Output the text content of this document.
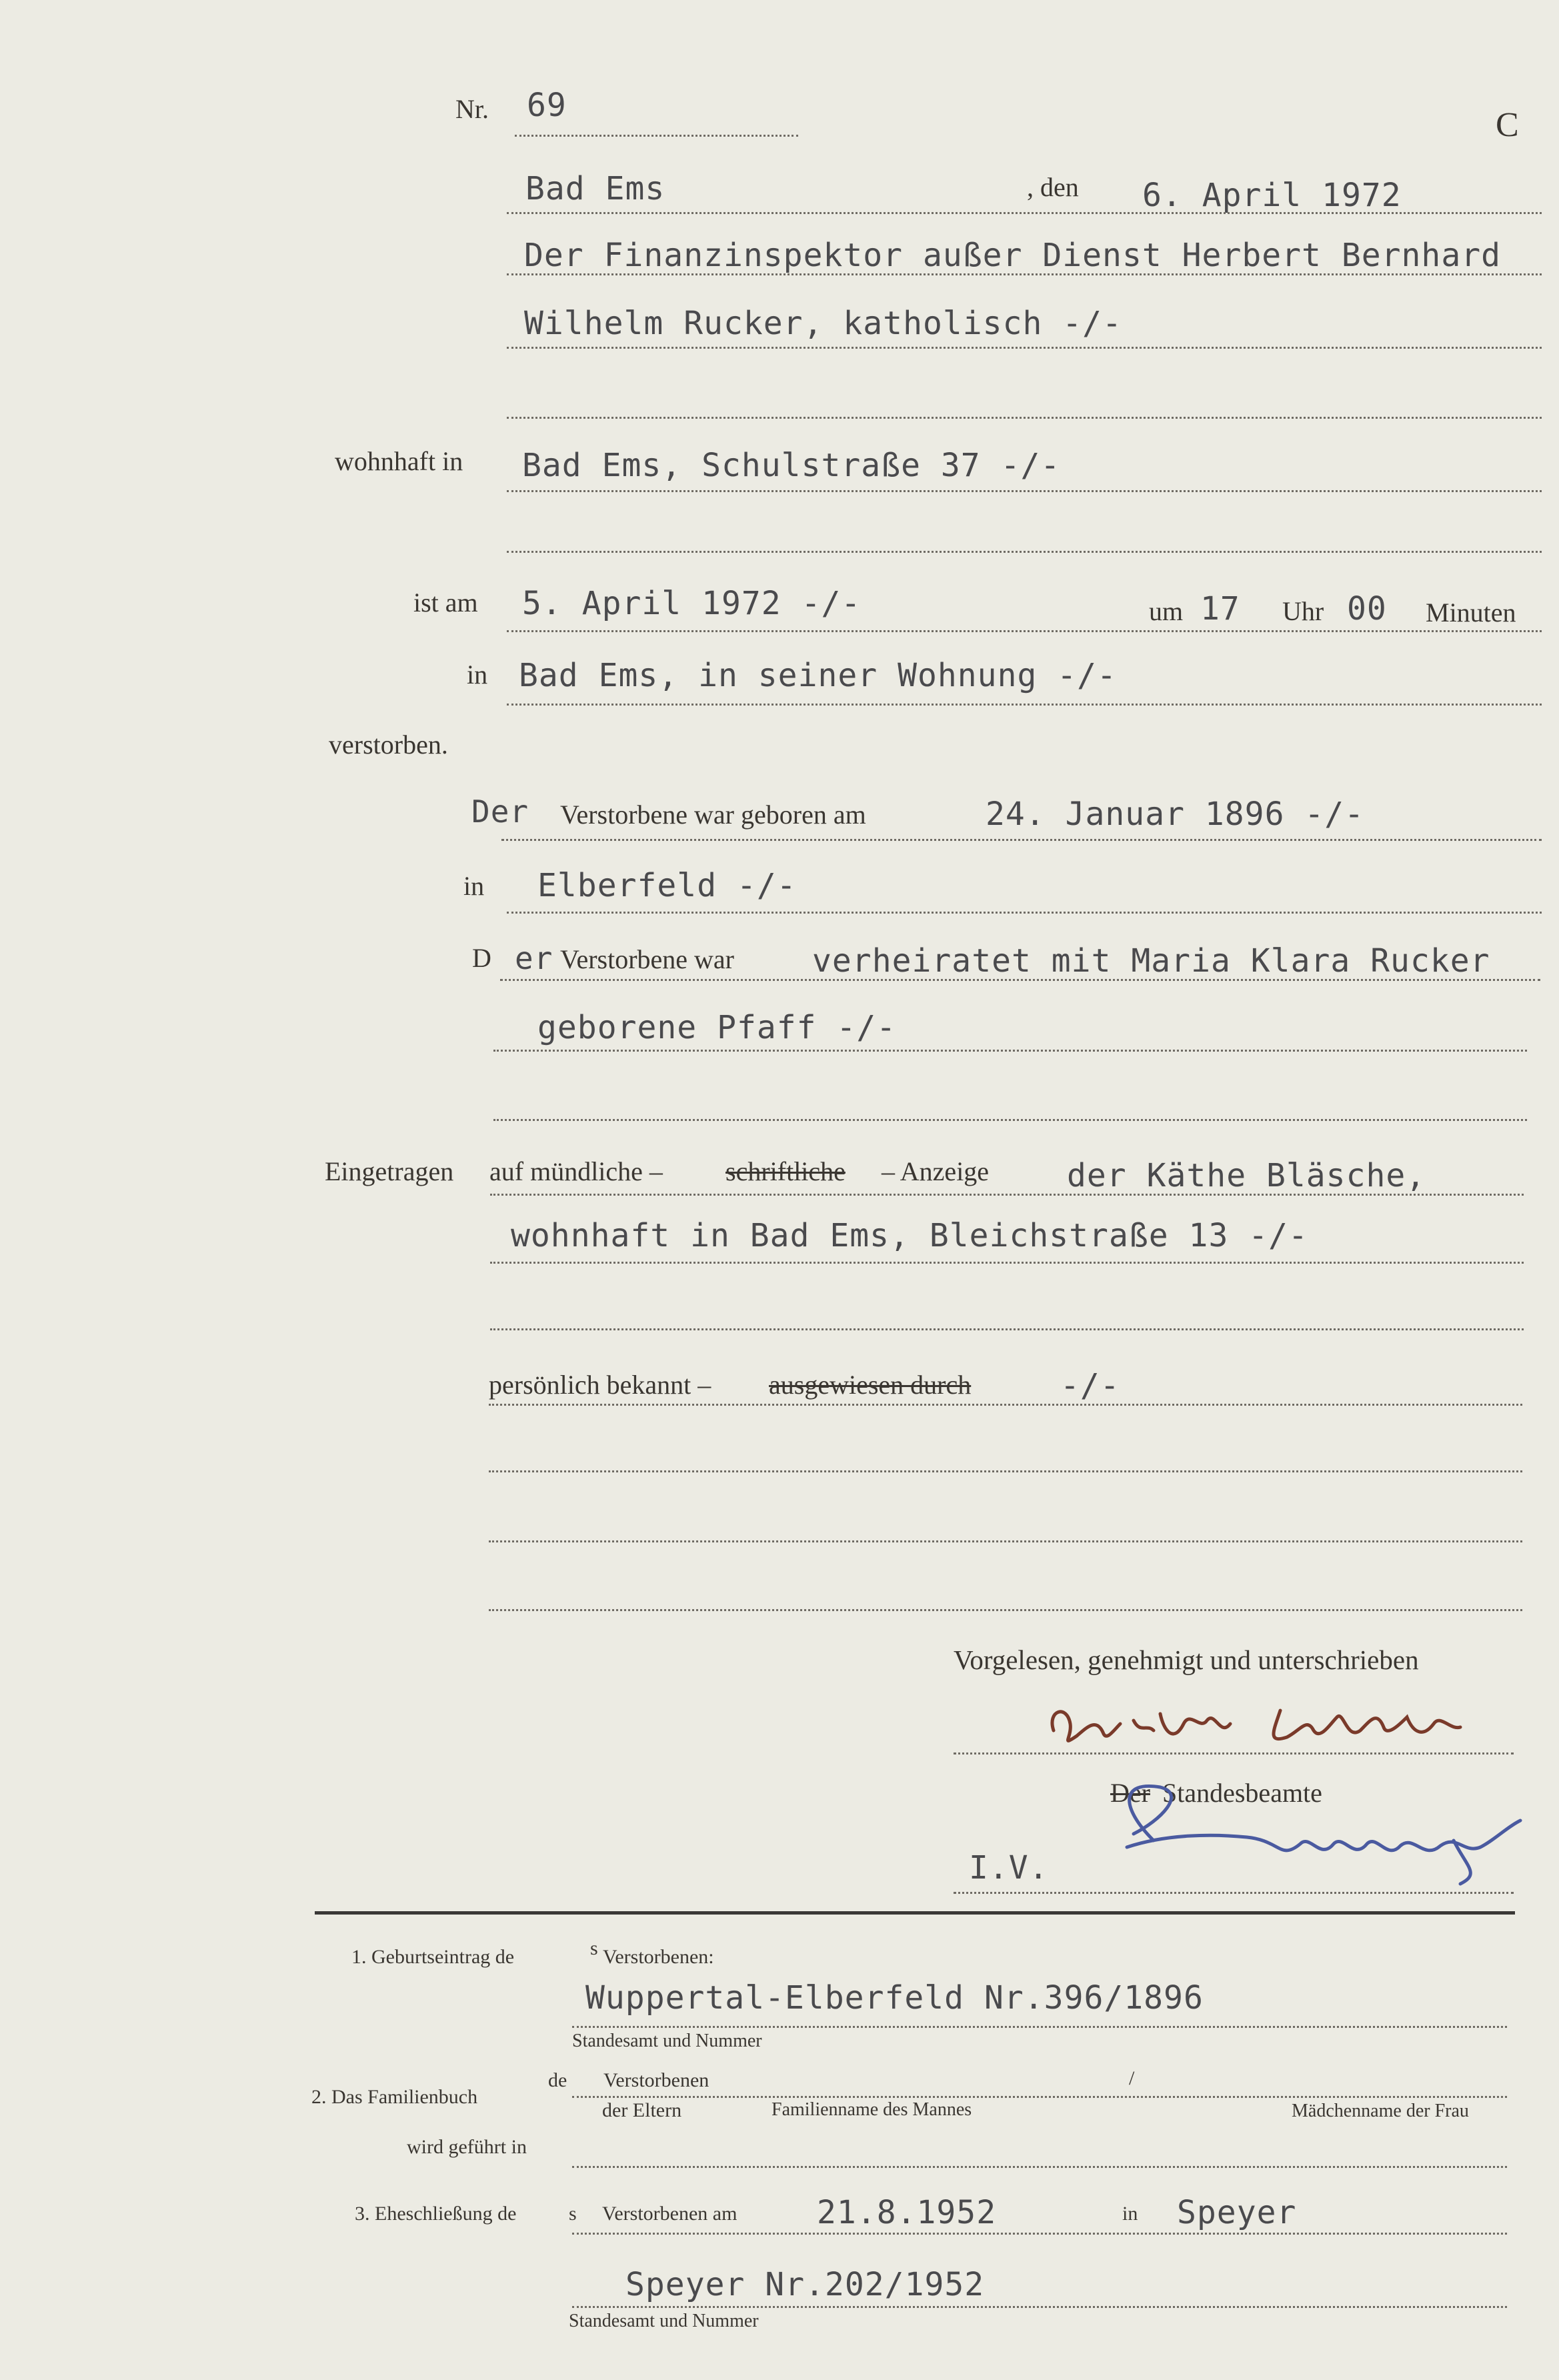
Nr. 69
C
Bad Ems	, den 6. April 1972
Der Finanzinspektor außer Dienst Herbert Bernhard
Wilhelm Rucker, katholisch -/-
wohnhaft in Bad Ems, Schulstraße 37 -/-
ist am 5. April 1972 -/-	um 17 Uhr 00 Minuten
in Bad Ems, in seiner Wohnung -/-
verstorben.
Der Verstorbene war geboren am	24. Januar 1896 -/-
in Elberfeld -/-
D er Verstorbene war verheiratet mit Maria Klara Rucker
geborene Pfaff -/-
Eingetragen auf mündliche – schriftliche – Anzeige der Käthe Bläsche,
wohnhaft in Bad Ems, Bleichstraße 13 -/-
persönlich bekannt – ausgewiesen durch	-/-
Vorgelesen, genehmigt und unterschrieben
Der Standesbeamte
I.V.
1. Geburtseintrag de	s Verstorbenen:
Wuppertal-Elberfeld Nr.396/1896
Standesamt und Nummer
de Verstorbenen	/
2. Das Familienbuch
der Eltern	Familienname des Mannes	Mädchenname der Frau
wird geführt in
3. Eheschließung de	s Verstorbenen am 21.8.1952	in Speyer
Speyer Nr.202/1952
Standesamt und Nummer
